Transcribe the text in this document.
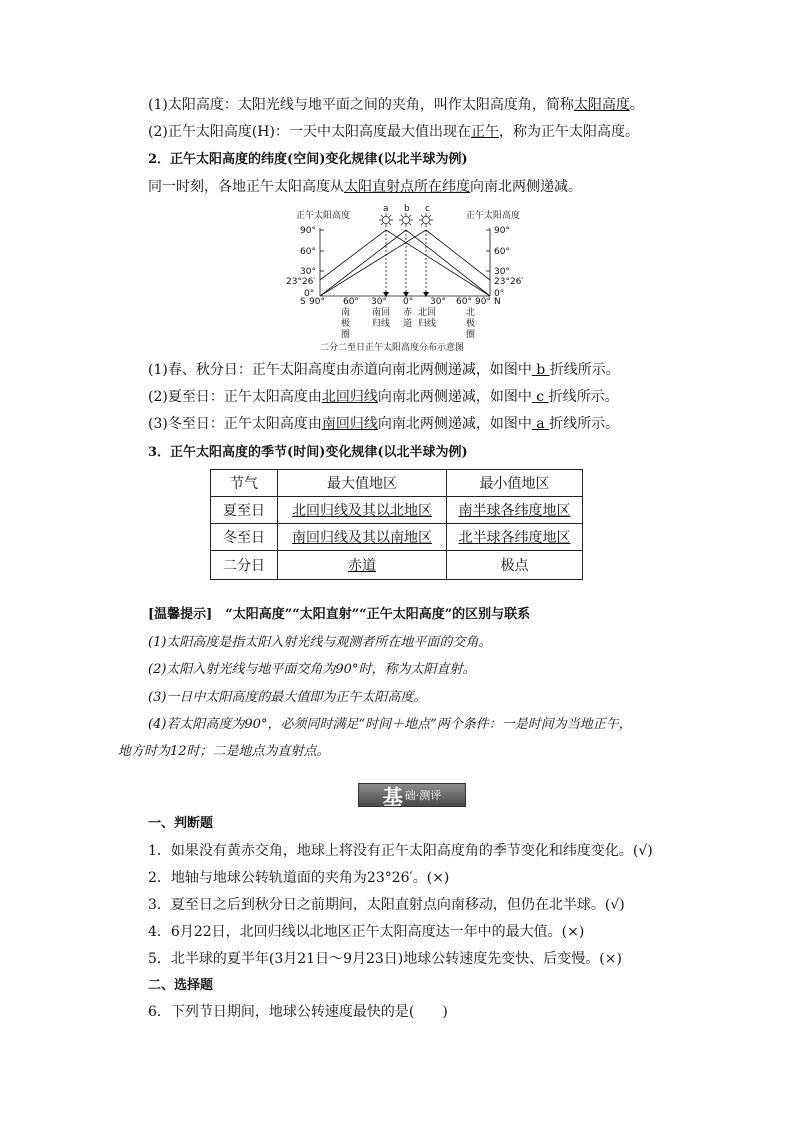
(1)太阳高度：太阳光线与地平面之间的夹角，叫作太阳高度角，简称太阳高度。
(2)正午太阳高度(H)：一天中太阳高度最大值出现在正午，称为正午太阳高度。
2．正午太阳高度的纬度(空间)变化规律(以北半球为例)
同一时刻，各地正午太阳高度从太阳直射点所在纬度向南北两侧递减。
正午太阳高度	正午太阳高度
90°
60°
30°
23°26′
0°
90°
60°
30°
23°26′
0°
a b c
S	N
90° 60° 30° 0° 30° 60° 90°
南
极
圈
南回
归线
赤
道
北回
归线
北
极
圈
二分二至日正午太阳高度分布示意图
(1)春、秋分日：正午太阳高度由赤道向南北两侧递减，如图中 b 折线所示。
(2)夏至日：正午太阳高度由北回归线向南北两侧递减，如图中 c 折线所示。
(3)冬至日：正午太阳高度由南回归线向南北两侧递减，如图中 a 折线所示。
3．正午太阳高度的季节(时间)变化规律(以北半球为例)
节气	最大值地区	最小值地区
夏至日	北回归线及其以北地区	南半球各纬度地区
冬至日	南回归线及其以南地区	北半球各纬度地区
二分日	赤道	极点
[温馨提示]　“太阳高度”“太阳直射”“正午太阳高度”的区别与联系
(1)太阳高度是指太阳入射光线与观测者所在地平面的交角。
(2)太阳入射光线与地平面交角为90°时，称为太阳直射。
(3)一日中太阳高度的最大值即为正午太阳高度。
(4)若太阳高度为90°，必须同时满足“时间＋地点”两个条件：一是时间为当地正午，
地方时为12时；二是地点为直射点。
基 础·测评
一、判断题
1．如果没有黄赤交角，地球上将没有正午太阳高度角的季节变化和纬度变化。(√)
2．地轴与地球公转轨道面的夹角为23°26′。(×)
3．夏至日之后到秋分日之前期间，太阳直射点向南移动，但仍在北半球。(√)
4．6月22日，北回归线以北地区正午太阳高度达一年中的最大值。(×)
5．北半球的夏半年(3月21日～9月23日)地球公转速度先变快、后变慢。(×)
二、选择题
6．下列节日期间，地球公转速度最快的是(　　)
